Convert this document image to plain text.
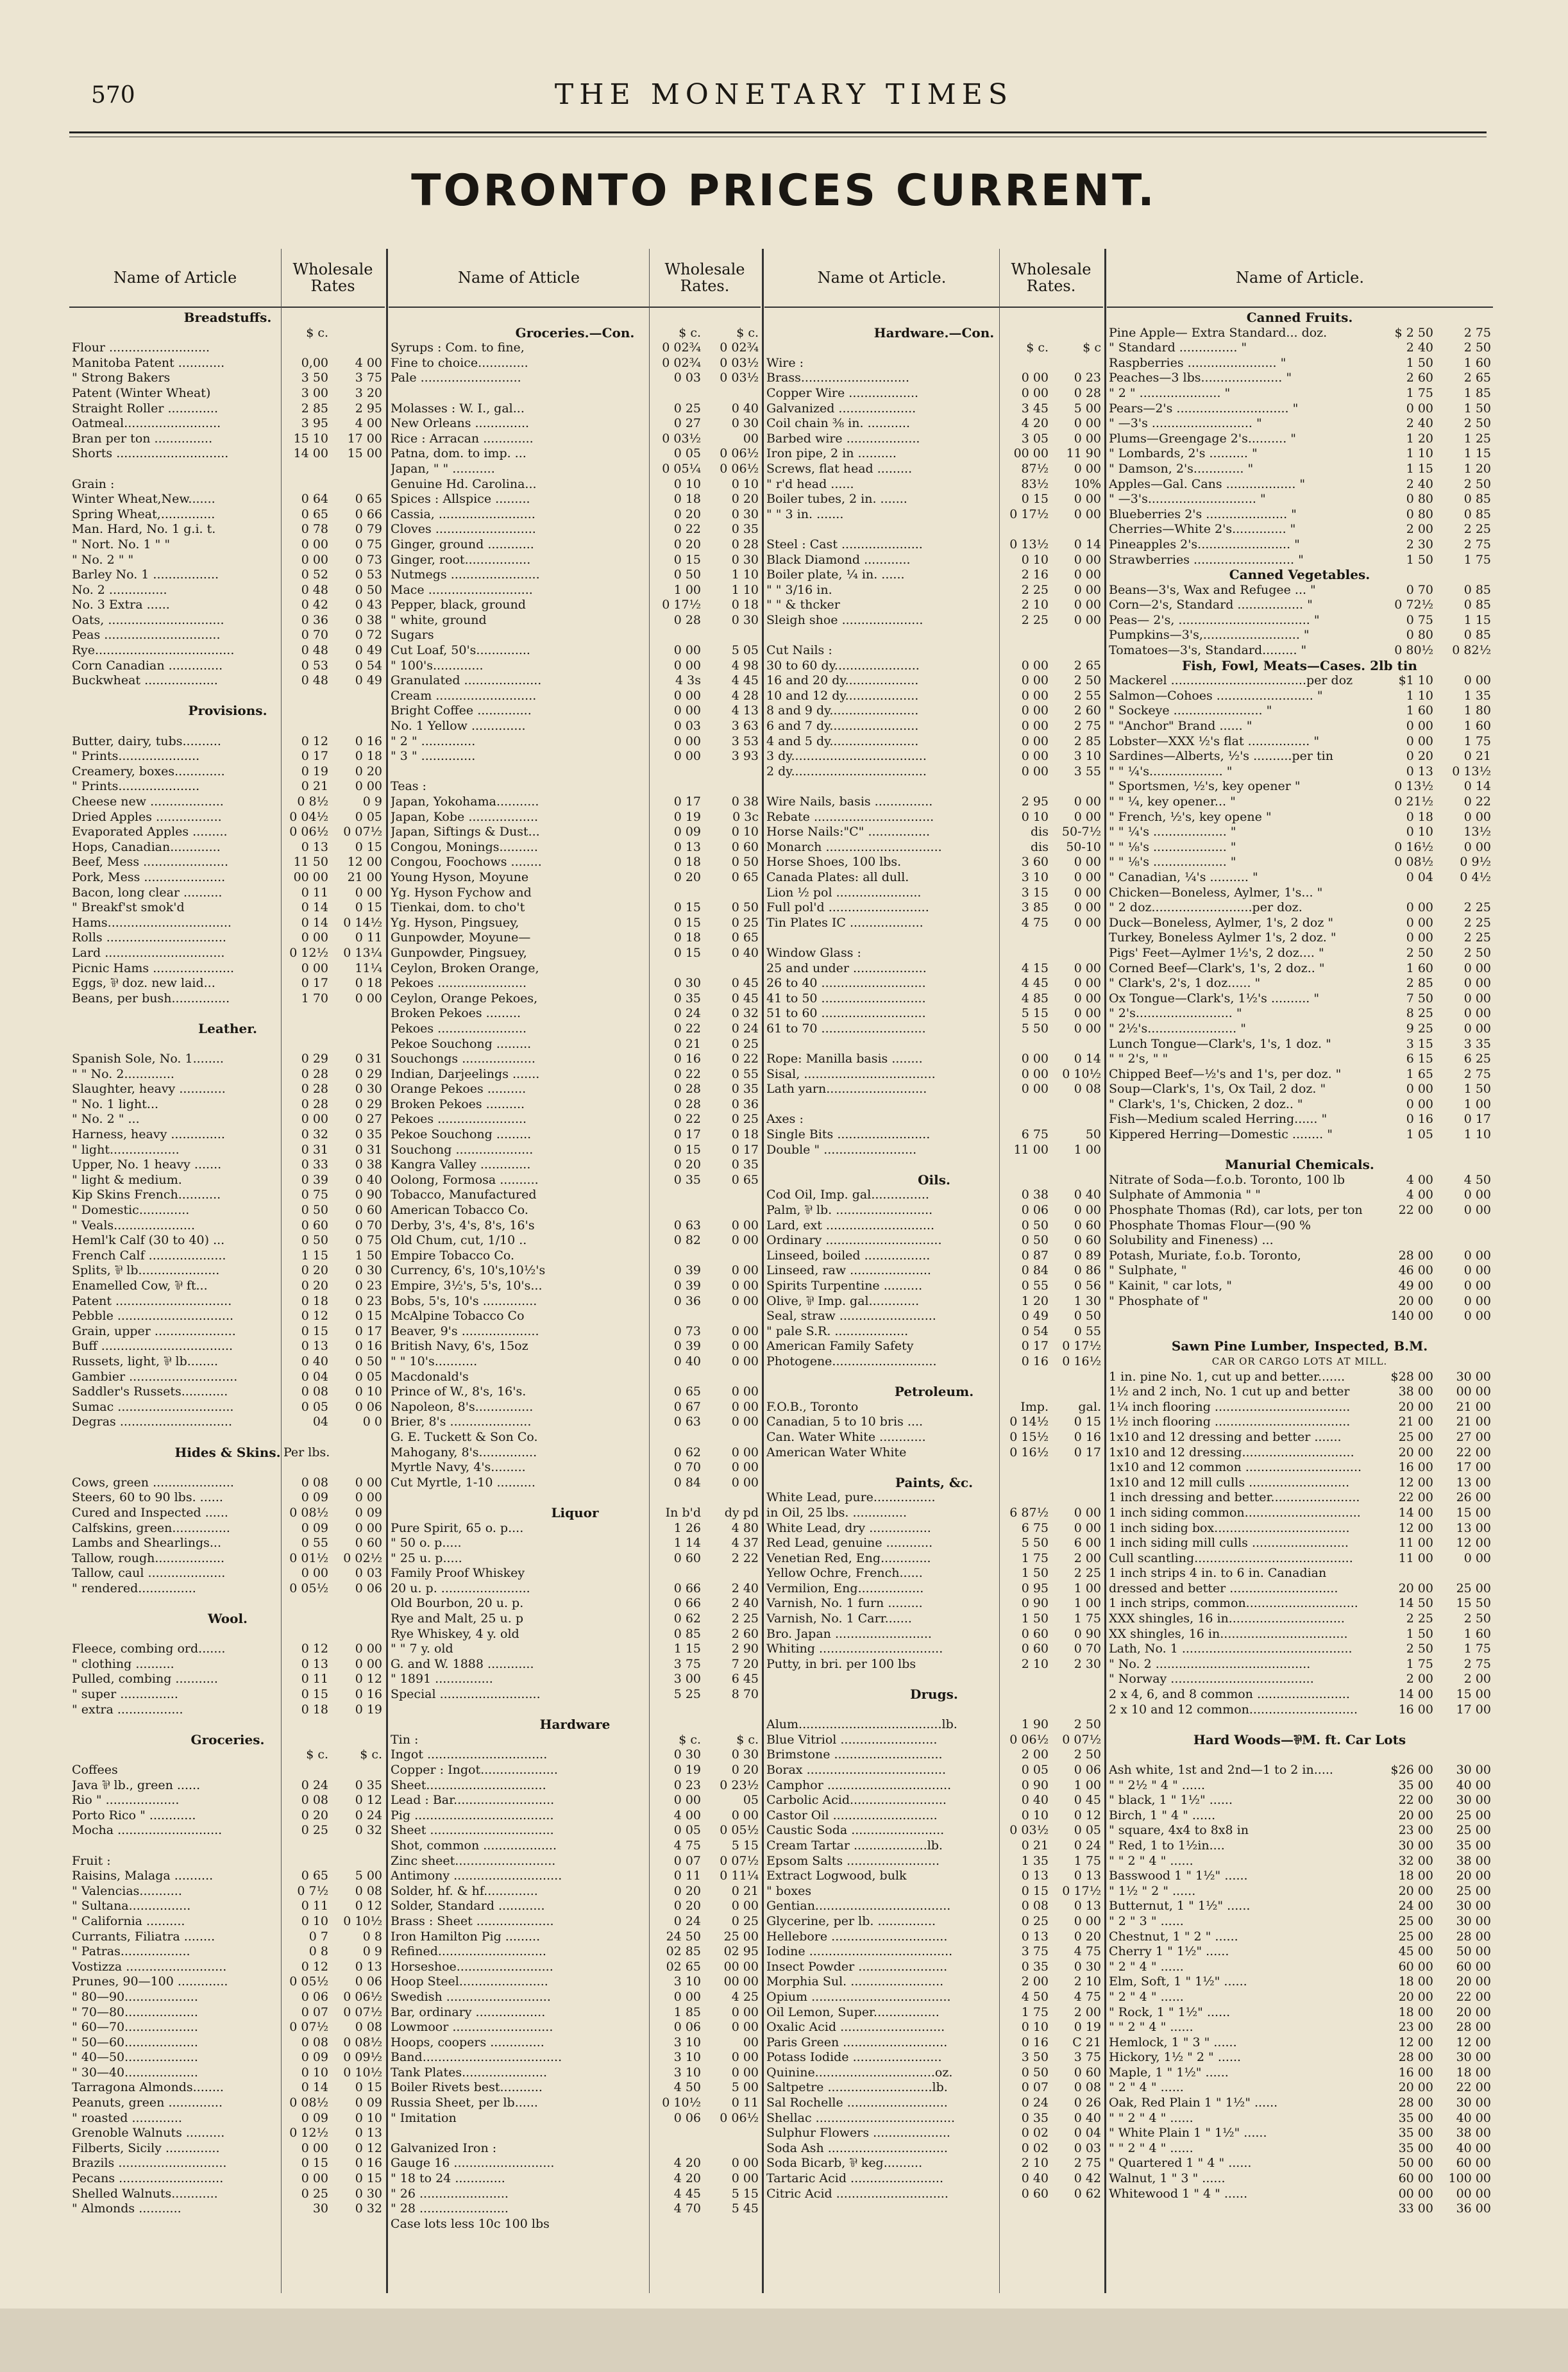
570	THE MONETARY TIMES
TORONTO PRICES CURRENT.
Name of Article	Wholesale Rates	Name of Atticle	Wholesale Rates.	Name ot Article.	Wholesale Rates.	Name of Article.
Breadstuffs.
$ c.
Flour ..........................
Manitoba Patent ............	0,00	4 00
" Strong Bakers	3 50	3 75
Patent (Winter Wheat)	3 00	3 20
Straight Roller .............	2 85	2 95
Oatmeal.........................	3 95	4 00
Bran per ton ...............	15 10	17 00
Shorts .............................	14 00	15 00
Grain :
Winter Wheat,New.......	0 64	0 65
Spring Wheat,..............	0 65	0 66
Man. Hard, No. 1 g.i. t.	0 78	0 79
" Nort. No. 1 " "	0 00	0 75
" No. 2 " "	0 00	0 73
Barley No. 1 .................	0 52	0 53
No. 2 ...............	0 48	0 50
No. 3 Extra ......	0 42	0 43
Oats, ..............................	0 36	0 38
Peas ..............................	0 70	0 72
Rye....................................	0 48	0 49
Corn Canadian ..............	0 53	0 54
Buckwheat ...................	0 48	0 49
Provisions.
Butter, dairy, tubs..........	0 12	0 16
" Prints.....................	0 17	0 18
Creamery, boxes.............	0 19	0 20
" Prints.....................	0 21	0 00
Cheese new ...................	0 8½	0 9
Dried Apples .................	0 04½	0 05
Evaporated Apples .........	0 06½	0 07½
Hops, Canadian.............	0 13	0 15
Beef, Mess ......................	11 50	12 00
Pork, Mess .....................	00 00	21 00
Bacon, long clear ..........	0 11	0 00
" Breakf'st smok'd	0 14	0 15
Hams................................	0 14	0 14½
Rolls ...............................	0 00	0 11
Lard ...............................	0 12½	0 13¼
Picnic Hams .....................	0 00	11¼
Eggs, ⅌ doz. new laid...	0 17	0 18
Beans, per bush...............	1 70	0 00
Leather.
Spanish Sole, No. 1........	0 29	0 31
" " No. 2.............	0 28	0 29
Slaughter, heavy ............	0 28	0 30
" No. 1 light...	0 28	0 29
" No. 2 " ...	0 00	0 27
Harness, heavy ..............	0 32	0 35
" light..................	0 31	0 31
Upper, No. 1 heavy .......	0 33	0 38
" light & medium.	0 39	0 40
Kip Skins French...........	0 75	0 90
" Domestic.............	0 50	0 60
" Veals.....................	0 60	0 70
Heml'k Calf (30 to 40) ...	0 50	0 75
French Calf ....................	1 15	1 50
Splits, ⅌ lb.....................	0 20	0 30
Enamelled Cow, ⅌ ft...	0 20	0 23
Patent ..............................	0 18	0 23
Pebble ..............................	0 12	0 15
Grain, upper .....................	0 15	0 17
Buff ..................................	0 13	0 16
Russets, light, ⅌ lb........	0 40	0 50
Gambier ............................	0 04	0 05
Saddler's Russets............	0 08	0 10
Sumac ..............................	0 05	0 06
Degras .............................	04	0 0
Hides & Skins. Per lbs.
Cows, green .....................	0 08	0 00
Steers, 60 to 90 lbs. ......	0 09	0 00
Cured and Inspected ......	0 08½	0 09
Calfskins, green...............	0 09	0 00
Lambs and Shearlings...	0 55	0 60
Tallow, rough..................	0 01½	0 02½
Tallow, caul ....................	0 00	0 03
" rendered...............	0 05½	0 06
Wool.
Fleece, combing ord.......	0 12	0 00
" clothing ..........	0 13	0 00
Pulled, combing ...........	0 11	0 12
" super ...............	0 15	0 16
" extra .................	0 18	0 19
Groceries.
$ c.	$ c.
Coffees
Java ⅌ lb., green ......	0 24	0 35
Rio " ...................	0 08	0 12
Porto Rico " ............	0 20	0 24
Mocha ...........................	0 25	0 32
Fruit :
Raisins, Malaga ..........	0 65	5 00
" Valencias...........	0 7½	0 08
" Sultana................	0 11	0 12
" California ..........	0 10	0 10½
Currants, Filiatra ........	0 7	0 8
" Patras..................	0 8	0 9
Vostizza ..........................	0 12	0 13
Prunes, 90—100 .............	0 05½	0 06
" 80—90...................	0 06	0 06½
" 70—80...................	0 07	0 07½
" 60—70...................	0 07½	0 08
" 50—60...................	0 08	0 08½
" 40—50...................	0 09	0 09½
" 30—40...................	0 10	0 10½
Tarragona Almonds........	0 14	0 15
Peanuts, green ..............	0 08½	0 09
" roasted .............	0 09	0 10
Grenoble Walnuts ..........	0 12½	0 13
Filberts, Sicily ..............	0 00	0 12
Brazils ............................	0 15	0 16
Pecans ...........................	0 00	0 15
Shelled Walnuts............	0 25	0 30
" Almonds ...........	30	0 32
Groceries.—Con.	$ c.	$ c.
Syrups : Com. to fine,	0 02¾	0 02¾
Fine to choice.............	0 02¾	0 03½
Pale ..........................	0 03	0 03½
Molasses : W. I., gal...	0 25	0 40
New Orleans ..............	0 27	0 30
Rice : Arracan .............	0 03½	00
Patna, dom. to imp. ...	0 05	0 06½
Japan, " " ...........	0 05¼	0 06½
Genuine Hd. Carolina...	0 10	0 10
Spices : Allspice .........	0 18	0 20
Cassia, .........................	0 20	0 30
Cloves ..........................	0 22	0 35
Ginger, ground ............	0 20	0 28
Ginger, root.................	0 15	0 30
Nutmegs .......................	0 50	1 10
Mace ...........................	1 00	1 10
Pepper, black, ground	0 17½	0 18
" white, ground	0 28	0 30
Sugars
Cut Loaf, 50's..............	0 00	5 05
" 100's.............	0 00	4 98
Granulated ....................	4 3s	4 45
Cream ..........................	0 00	4 28
Bright Coffee ..............	0 00	4 13
No. 1 Yellow ..............	0 03	3 63
" 2 " ..............	0 00	3 53
" 3 " ..............	0 00	3 93
Teas :
Japan, Yokohama...........	0 17	0 38
Japan, Kobe ..................	0 19	0 3c
Japan, Siftings & Dust...	0 09	0 10
Congou, Monings..........	0 13	0 60
Congou, Foochows ........	0 18	0 50
Young Hyson, Moyune	0 20	0 65
Yg. Hyson Fychow and
Tienkai, dom. to cho't	0 15	0 50
Yg. Hyson, Pingsuey,	0 15	0 25
Gunpowder, Moyune—	0 18	0 65
Gunpowder, Pingsuey,	0 15	0 40
Ceylon, Broken Orange,
Pekoes .......................	0 30	0 45
Ceylon, Orange Pekoes,	0 35	0 45
Broken Pekoes .........	0 24	0 32
Pekoes .......................	0 22	0 24
Pekoe Souchong .........	0 21	0 25
Souchongs ...................	0 16	0 22
Indian, Darjeelings .......	0 22	0 55
Orange Pekoes ..........	0 28	0 35
Broken Pekoes ..........	0 28	0 36
Pekoes .......................	0 22	0 25
Pekoe Souchong .........	0 17	0 18
Souchong ....................	0 15	0 17
Kangra Valley .............	0 20	0 35
Oolong, Formosa ..........	0 35	0 65
Tobacco, Manufactured
American Tobacco Co.
Derby, 3's, 4's, 8's, 16's	0 63	0 00
Old Chum, cut, 1/10 ..	0 82	0 00
Empire Tobacco Co.
Currency, 6's, 10's,10½'s	0 39	0 00
Empire, 3½'s, 5's, 10's...	0 39	0 00
Bobs, 5's, 10's ..............	0 36	0 00
McAlpine Tobacco Co
Beaver, 9's ....................	0 73	0 00
British Navy, 6's, 15oz	0 39	0 00
" " 10's...........	0 40	0 00
Macdonald's
Prince of W., 8's, 16's.	0 65	0 00
Napoleon, 8's...............	0 67	0 00
Brier, 8's .....................	0 63	0 00
G. E. Tuckett & Son Co.
Mahogany, 8's...............	0 62	0 00
Myrtle Navy, 4's.........	0 70	0 00
Cut Myrtle, 1-10 ..........	0 84	0 00
Liquor	In b'd	dy pd
Pure Spirit, 65 o. p....	1 26	4 80
" 50 o. p.....	1 14	4 37
" 25 u. p.....	0 60	2 22
Family Proof Whiskey
20 u. p. .......................	0 66	2 40
Old Bourbon, 20 u. p.	0 66	2 40
Rye and Malt, 25 u. p	0 62	2 25
Rye Whiskey, 4 y. old	0 85	2 60
" " 7 y. old	1 15	2 90
G. and W. 1888 ............	3 75	7 20
" 1891 ...............	3 00	6 45
Special ..........................	5 25	8 70
Hardware
Tin :	$ c.	$ c.
Ingot ...............................	0 30	0 30
Copper : Ingot....................	0 19	0 20
Sheet...............................	0 23	0 23½
Lead : Bar..........................	0 00	05
Pig ....................................	4 00	0 00
Sheet ................................	0 05	0 05½
Shot, common ...................	4 75	5 15
Zinc sheet..........................	0 07	0 07½
Antimony ............................	0 11	0 11¼
Solder, hf. & hf..............	0 20	0 21
Solder, Standard ............	0 20	0 00
Brass : Sheet ....................	0 24	0 25
Iron Hamilton Pig .........	24 50	25 00
Refined............................	02 85	02 95
Horseshoe.........................	02 65	00 00
Hoop Steel.......................	3 10	00 00
Swedish ...........................	0 00	4 25
Bar, ordinary ..................	1 85	0 00
Lowmoor ..........................	0 06	0 00
Hoops, coopers ..............	3 10	00
Band....................................	3 10	0 00
Tank Plates......................	3 10	0 00
Boiler Rivets best...........	4 50	5 00
Russia Sheet, per lb......	0 10½	0 11
" Imitation	0 06	0 06½
Galvanized Iron :
Gauge 16 ..........................	4 20	0 00
" 18 to 24 .............	4 20	0 00
" 26 .......................	4 45	5 15
" 28 .......................	4 70	5 45
Case lots less 10c 100 lbs
Hardware.—Con.
$ c.	$ c
Wire :
Brass............................	0 00	0 23
Copper Wire ..................	0 00	0 28
Galvanized ....................	3 45	5 00
Coil chain ⅜ in. ...........	4 20	0 00
Barbed wire ...................	3 05	0 00
Iron pipe, 2 in ..........	00 00	11 90
Screws, flat head .........	87½	0 00
" r'd head ......	83½	10%
Boiler tubes, 2 in. .......	0 15	0 00
" " 3 in. .......	0 17½	0 00
Steel : Cast .....................	0 13½	0 14
Black Diamond ............	0 10	0 00
Boiler plate, ¼ in. ......	2 16	0 00
" " 3/16 in.	2 25	0 00
" " & thcker	2 10	0 00
Sleigh shoe .....................	2 25	0 00
Cut Nails :
30 to 60 dy......................	0 00	2 65
16 and 20 dy...................	0 00	2 50
10 and 12 dy...................	0 00	2 55
8 and 9 dy.......................	0 00	2 60
6 and 7 dy.......................	0 00	2 75
4 and 5 dy.......................	0 00	2 85
3 dy...................................	0 00	3 10
2 dy...................................	0 00	3 55
Wire Nails, basis ...............	2 95	0 00
Rebate ...............................	0 10	0 00
Horse Nails:"C" ................	dis	50-7½
Monarch ..............................	dis	50-10
Horse Shoes, 100 lbs.	3 60	0 00
Canada Plates: all dull.	3 10	0 00
Lion ½ pol ......................	3 15	0 00
Full pol'd ..........................	3 85	0 00
Tin Plates IC ...................	4 75	0 00
Window Glass :
25 and under ...................	4 15	0 00
26 to 40 ...........................	4 45	0 00
41 to 50 ...........................	4 85	0 00
51 to 60 ...........................	5 15	0 00
61 to 70 ...........................	5 50	0 00
Rope: Manilla basis ........	0 00	0 14
Sisal, ..................................	0 00	0 10½
Lath yarn..........................	0 00	0 08
Axes :
Single Bits ........................	6 75	50
Double " ........................	11 00	1 00
Oils.
Cod Oil, Imp. gal...............	0 38	0 40
Palm, ⅌ lb. .........................	0 06	0 00
Lard, ext ............................	0 50	0 60
Ordinary ..............................	0 50	0 60
Linseed, boiled .................	0 87	0 89
Linseed, raw .....................	0 84	0 86
Spirits Turpentine ..........	0 55	0 56
Olive, ⅌ Imp. gal.............	1 20	1 30
Seal, straw .........................	0 49	0 50
" pale S.R. ...................	0 54	0 55
American Family Safety	0 17	0 17½
Photogene...........................	0 16	0 16½
Petroleum.
F.O.B., Toronto	Imp.	gal.
Canadian, 5 to 10 bris ....	0 14½	0 15
Can. Water White ............	0 15½	0 16
American Water White	0 16½	0 17
Paints, &c.
White Lead, pure................
in Oil, 25 lbs. ..............	6 87½	0 00
White Lead, dry ................	6 75	0 00
Red Lead, genuine ............	5 50	6 00
Venetian Red, Eng.............	1 75	2 00
Yellow Ochre, French......	1 50	2 25
Vermilion, Eng.................	0 95	1 00
Varnish, No. 1 furn .........	0 90	1 00
Varnish, No. 1 Carr.......	1 50	1 75
Bro. Japan .........................	0 60	0 90
Whiting ................................	0 60	0 70
Putty, in bri. per 100 lbs	2 10	2 30
Drugs.
Alum.....................................lb.	1 90	2 50
Blue Vitriol .........................	0 06½	0 07½
Brimstone ............................	2 00	2 50
Borax ....................................	0 05	0 06
Camphor ................................	0 90	1 00
Carbolic Acid.........................	0 40	0 45
Castor Oil ...........................	0 10	0 12
Caustic Soda ........................	0 03½	0 05
Cream Tartar ...................lb.	0 21	0 24
Epsom Salts ........................	1 35	1 75
Extract Logwood, bulk	0 13	0 13
" boxes	0 15	0 17½
Gentian...................................	0 08	0 13
Glycerine, per lb. ...............	0 25	0 00
Hellebore ..............................	0 13	0 20
Iodine .....................................	3 75	4 75
Insect Powder .......................	0 35	0 30
Morphia Sul. ........................	2 00	2 10
Opium ....................................	4 50	4 75
Oil Lemon, Super.................	1 75	2 00
Oxalic Acid ...........................	0 10	0 19
Paris Green ...........................	0 16	C 21
Potass Iodide .......................	3 50	3 75
Quinine...............................oz.	0 50	0 60
Saltpetre ...........................lb.	0 07	0 08
Sal Rochelle ..........................	0 24	0 26
Shellac ....................................	0 35	0 40
Sulphur Flowers ....................	0 02	0 04
Soda Ash ...............................	0 02	0 03
Soda Bicarb, ⅌ keg..........	2 10	2 75
Tartaric Acid ........................	0 40	0 42
Citric Acid .............................	0 60	0 62
Canned Fruits.
Pine Apple— Extra Standard... doz.	$ 2 50	2 75
" Standard ............... "	2 40	2 50
Raspberries ....................... "	1 50	1 60
Peaches—3 lbs..................... "	2 60	2 65
" 2 " ..................... "	1 75	1 85
Pears—2's ............................. "	0 00	1 50
" —3's .......................... "	2 40	2 50
Plums—Greengage 2's.......... "	1 20	1 25
" Lombards, 2's .......... "	1 10	1 15
" Damson, 2's............. "	1 15	1 20
Apples—Gal. Cans .................. "	2 40	2 50
" —3's............................ "	0 80	0 85
Blueberries 2's ..................... "	0 80	0 85
Cherries—White 2's.............. "	2 00	2 25
Pineapples 2's........................ "	2 30	2 75
Strawberries .......................... "	1 50	1 75
Canned Vegetables.
Beans—3's, Wax and Refugee ... "	0 70	0 85
Corn—2's, Standard ................. "	0 72½	0 85
Peas— 2's, .................................. "	0 75	1 15
Pumpkins—3's,......................... "	0 80	0 85
Tomatoes—3's, Standard......... "	0 80½	0 82½
Fish, Fowl, Meats—Cases. 2lb tin
Mackerel ...................................per doz	$1 10	0 00
Salmon—Cohoes ......................... "	1 10	1 35
" Sockeye ....................... "	1 60	1 80
" "Anchor" Brand ...... "	0 00	1 60
Lobster—XXX ½'s flat ................ "	0 00	1 75
Sardines—Alberts, ½'s ..........per tin	0 20	0 21
" " ¼'s................... "	0 13	0 13½
" Sportsmen, ½'s, key opener "	0 13½	0 14
" " ¼, key opener... "	0 21½	0 22
" French, ½'s, key opene "	0 18	0 00
" " ¼'s ................... "	0 10	13½
" " ⅛'s ................... "	0 16½	0 00
" " ⅛'s ................... "	0 08½	0 9½
" Canadian, ¼'s .......... "	0 04	0 4½
Chicken—Boneless, Aylmer, 1's... "
" 2 doz..........................per doz.	0 00	2 25
Duck—Boneless, Aylmer, 1's, 2 doz "	0 00	2 25
Turkey, Boneless Aylmer 1's, 2 doz. "	0 00	2 25
Pigs' Feet—Aylmer 1½'s, 2 doz.... "	2 50	2 50
Corned Beef—Clark's, 1's, 2 doz.. "	1 60	0 00
" Clark's, 2's, 1 doz...... "	2 85	0 00
Ox Tongue—Clark's, 1½'s .......... "	7 50	0 00
" 2's......................... "	8 25	0 00
" 2½'s....................... "	9 25	0 00
Lunch Tongue—Clark's, 1's, 1 doz. "	3 15	3 35
" " 2's, " "	6 15	6 25
Chipped Beef—½'s and 1's, per doz. "	1 65	2 75
Soup—Clark's, 1's, Ox Tail, 2 doz. "	0 00	1 50
" Clark's, 1's, Chicken, 2 doz.. "	0 00	1 00
Fish—Medium scaled Herring...... "	0 16	0 17
Kippered Herring—Domestic ........ "	1 05	1 10
Manurial Chemicals.
Nitrate of Soda—f.o.b. Toronto, 100 lb	4 00	4 50
Sulphate of Ammonia " "	4 00	0 00
Phosphate Thomas (Rd), car lots, per ton	22 00	0 00
Phosphate Thomas Flour—(90 %
Solubility and Fineness) ...
Potash, Muriate, f.o.b. Toronto,	28 00	0 00
" Sulphate, "	46 00	0 00
" Kainit, " car lots, "	49 00	0 00
" Phosphate of "	20 00	0 00
140 00	0 00
Sawn Pine Lumber, Inspected, B.M.
CAR OR CARGO LOTS AT MILL.
1 in. pine No. 1, cut up and better.......	$28 00	30 00
1½ and 2 inch, No. 1 cut up and better	38 00	00 00
1¼ inch flooring ...................................	20 00	21 00
1½ inch flooring ...................................	21 00	21 00
1x10 and 12 dressing and better .......	25 00	27 00
1x10 and 12 dressing.............................	20 00	22 00
1x10 and 12 common ..............................	16 00	17 00
1x10 and 12 mill culls ..........................	12 00	13 00
1 inch dressing and better.......................	22 00	26 00
1 inch siding common..............................	14 00	15 00
1 inch siding box...................................	12 00	13 00
1 inch siding mill culls .........................	11 00	12 00
Cull scantling.........................................	11 00	0 00
1 inch strips 4 in. to 6 in. Canadian
dressed and better ............................	20 00	25 00
1 inch strips, common.............................	14 50	15 50
XXX shingles, 16 in..............................	2 25	2 50
XX shingles, 16 in.................................	1 50	1 60
Lath, No. 1 ............................................	2 50	1 75
" No. 2 ........................................	1 75	2 75
" Norway .....................................	2 00	2 00
2 x 4, 6, and 8 common ........................	14 00	15 00
2 x 10 and 12 common............................	16 00	17 00
Hard Woods—⅌M. ft. Car Lots
Ash white, 1st and 2nd—1 to 2 in.....	$26 00	30 00
" " 2½ " 4 " ......	35 00	40 00
" black, 1 " 1½" ......	22 00	30 00
Birch, 1 " 4 " ......	20 00	25 00
" square, 4x4 to 8x8 in	23 00	25 00
" Red, 1 to 1½in....	30 00	35 00
" " 2 " 4 " ......	32 00	38 00
Basswood 1 " 1½" ......	18 00	20 00
" 1½ " 2 " ......	20 00	25 00
Butternut, 1 " 1½" ......	24 00	30 00
" 2 " 3 " ......	25 00	30 00
Chestnut, 1 " 2 " ......	25 00	28 00
Cherry 1 " 1½" ......	45 00	50 00
" 2 " 4 " ......	60 00	60 00
Elm, Soft, 1 " 1½" ......	18 00	20 00
" 2 " 4 " ......	20 00	22 00
" Rock, 1 " 1½" ......	18 00	20 00
" " 2 " 4 " ......	23 00	28 00
Hemlock, 1 " 3 " ......	12 00	12 00
Hickory, 1½ " 2 " ......	28 00	30 00
Maple, 1 " 1½" ......	16 00	18 00
" 2 " 4 " ......	20 00	22 00
Oak, Red Plain 1 " 1½" ......	28 00	30 00
" " 2 " 4 " ......	35 00	40 00
" White Plain 1 " 1½" ......	35 00	38 00
" " 2 " 4 " ......	35 00	40 00
" Quartered 1 " 4 " ......	50 00	60 00
Walnut, 1 " 3 " ......	60 00	100 00
Whitewood 1 " 4 " ......	00 00	00 00
33 00	36 00
